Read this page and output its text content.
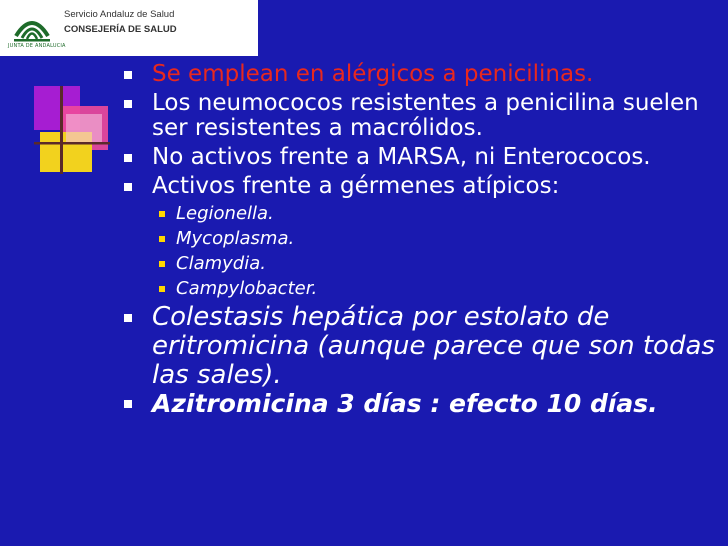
JUNTA DE ANDALUCIA
Servicio Andaluz de Salud
CONSEJERÍA DE SALUD
Se emplean en alérgicos a penicilinas.
Los neumococos resistentes a penicilina suelen ser resistentes a macrólidos.
No activos frente a MARSA, ni Enterococos.
Activos frente a gérmenes atípicos:
Legionella.
Mycoplasma.
Clamydia.
Campylobacter.
Colestasis hepática por estolato de eritromicina (aunque parece que son todas las sales).
Azitromicina 3 días : efecto 10 días.
